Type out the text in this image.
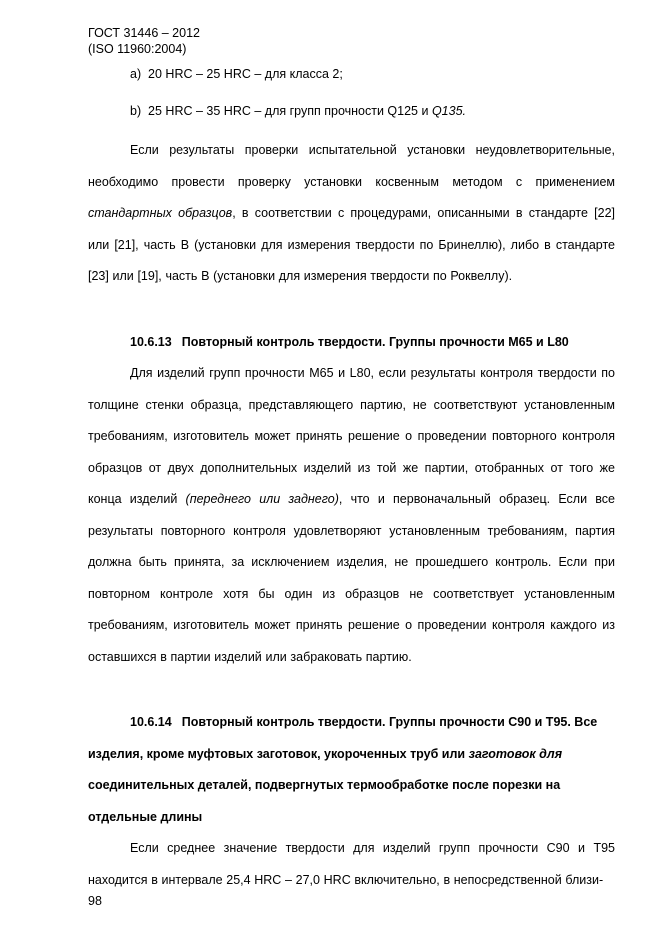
ГОСТ 31446 – 2012
(ISO 11960:2004)
a)  20 HRC – 25 HRC – для класса 2;
b)  25 HRC – 35 HRC – для групп прочности Q125 и Q135.

Если результаты проверки испытательной установки неудовлетворительные, необходимо провести проверку установки косвенным методом с применением стандартных образцов, в соответствии с процедурами, описанными в стандарте [22] или [21], часть В (установки для измерения твердости по Бринеллю), либо в стандарте [23] или [19], часть В (установки для измерения твердости по Роквеллу).

10.6.13 Повторный контроль твердости. Группы прочности М65 и L80

Для изделий групп прочности М65 и L80, если результаты контроля твердости по толщине стенки образца, представляющего партию, не соответствуют установленным требованиям, изготовитель может принять решение о проведении повторного контроля образцов от двух дополнительных изделий из той же партии, отобранных от того же конца изделий (переднего или заднего), что и первоначальный образец. Если все результаты повторного контроля удовлетворяют установленным требованиям, партия должна быть принята, за исключением изделия, не прошедшего контроль. Если при повторном контроле хотя бы один из образцов не соответствует установленным требованиям, изготовитель может принять решение о проведении контроля каждого из оставшихся в партии изделий или забраковать партию.

10.6.14 Повторный контроль твердости. Группы прочности С90 и Т95. Все изделия, кроме муфтовых заготовок, укороченных труб или заготовок для соединительных деталей, подвергнутых термообработке после порезки на отдельные длины

Если среднее значение твердости для изделий групп прочности С90 и Т95 находится в интервале 25,4 HRC – 27,0 HRC включительно, в непосредственной близи-

98
